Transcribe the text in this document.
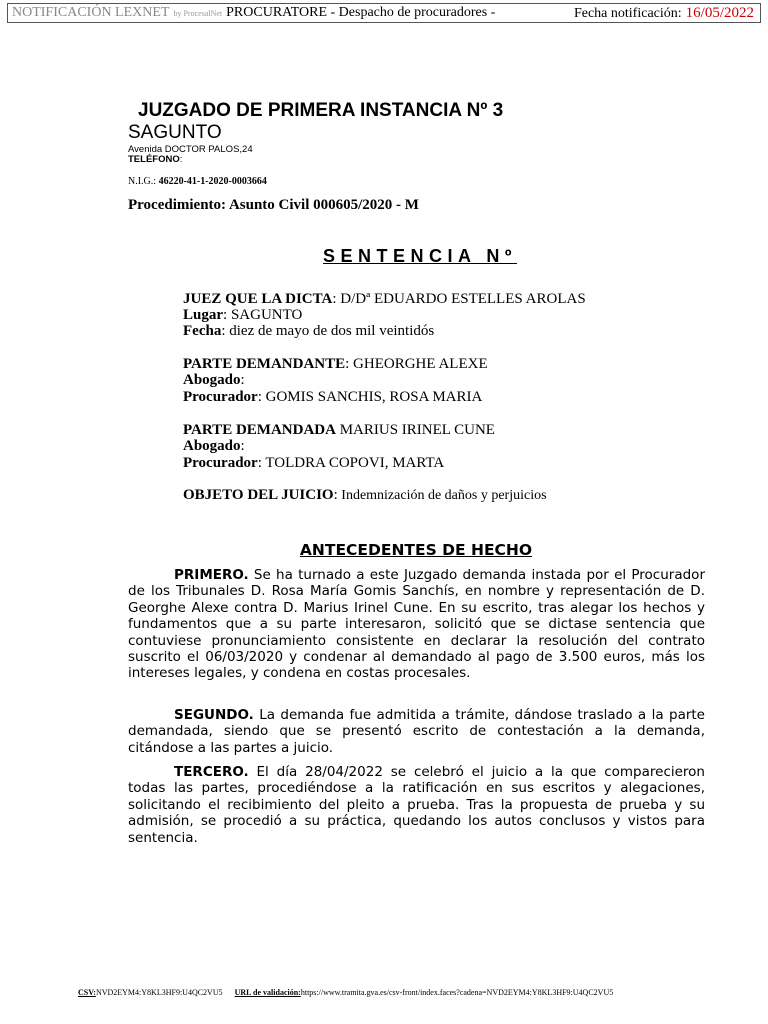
NOTIFICACIÓN LEXNET by ProcesalNet PROCURATORE - Despacho de procuradores -	Fecha notificación: 16/05/2022
JUZGADO DE PRIMERA INSTANCIA Nº 3
SAGUNTO
Avenida DOCTOR PALOS,24
TELÉFONO:
N.I.G.: 46220-41-1-2020-0003664
Procedimiento: Asunto Civil 000605/2020 - M
SENTENCIA Nº
JUEZ QUE LA DICTA: D/Dª EDUARDO ESTELLES AROLAS
Lugar: SAGUNTO
Fecha: diez de mayo de dos mil veintidós
PARTE DEMANDANTE: GHEORGHE ALEXE
Abogado:
Procurador: GOMIS SANCHIS, ROSA MARIA
PARTE DEMANDADA MARIUS IRINEL CUNE
Abogado:
Procurador: TOLDRA COPOVI, MARTA
OBJETO DEL JUICIO: Indemnización de daños y perjuicios
ANTECEDENTES DE HECHO
PRIMERO. Se ha turnado a este Juzgado demanda instada por el Procurador de los Tribunales D. Rosa María Gomis Sanchís, en nombre y representación de D. Georghe Alexe contra D. Marius Irinel Cune. En su escrito, tras alegar los hechos y fundamentos que a su parte interesaron, solicitó que se dictase sentencia que contuviese pronunciamiento consistente en declarar la resolución del contrato suscrito el 06/03/2020 y condenar al demandado al pago de 3.500 euros, más los intereses legales, y condena en costas procesales.
SEGUNDO. La demanda fue admitida a trámite, dándose traslado a la parte demandada, siendo que se presentó escrito de contestación a la demanda, citándose a las partes a juicio.
TERCERO. El día 28/04/2022 se celebró el juicio a la que comparecieron todas las partes, procediéndose a la ratificación en sus escritos y alegaciones, solicitando el recibimiento del pleito a prueba. Tras la propuesta de prueba y su admisión, se procedió a su práctica, quedando los autos conclusos y vistos para sentencia.
CSV:NVD2EYM4:Y8KL3HF9:U4QC2VU5 URL de validación:https://www.tramita.gva.es/csv-front/index.faces?cadena=NVD2EYM4:Y8KL3HF9:U4QC2VU5
